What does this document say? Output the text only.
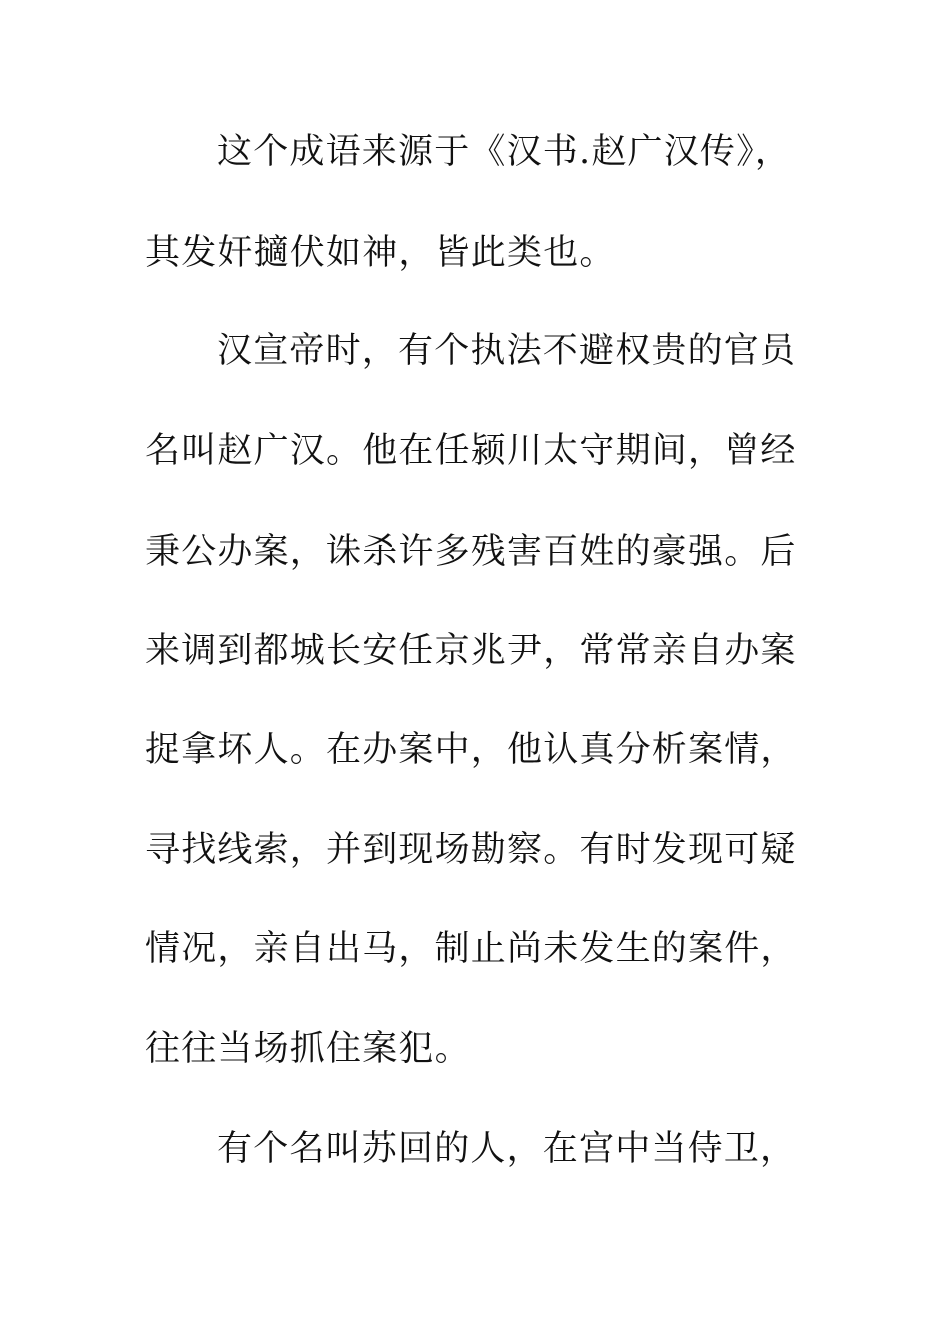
这个成语来源于《汉书.赵广汉传》，
其发奸擿伏如神，皆此类也。
汉宣帝时，有个执法不避权贵的官员
名叫赵广汉。他在任颍川太守期间，曾经
秉公办案，诛杀许多残害百姓的豪强。后
来调到都城长安任京兆尹，常常亲自办案
捉拿坏人。在办案中，他认真分析案情，
寻找线索，并到现场勘察。有时发现可疑
情况，亲自出马，制止尚未发生的案件，
往往当场抓住案犯。
有个名叫苏回的人，在宫中当侍卫，
